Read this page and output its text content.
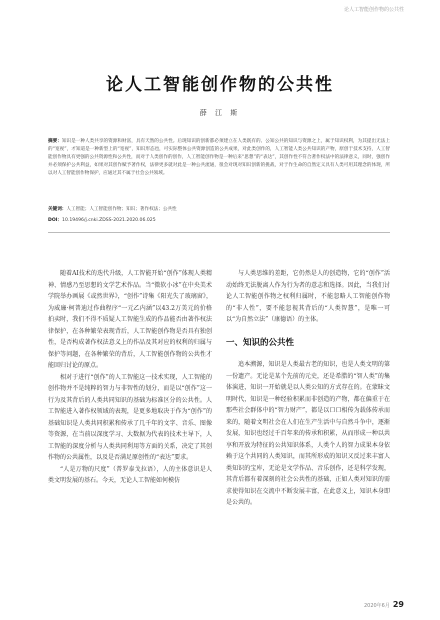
论人工智能创作物的公共性
论人工智能创作物的公共性
薛 江 斯
摘要：知识是一种人类共享的资源和财富，具有天然的公共性。后现知识的创新都必须建立在人类既有的、公知公共的知识与资源之上，属于知识权利，为其提出无法上的“宽视”，才知道是一种新型上的“宽视”，知识形态也，可实际整体公共资源创造的公共成果，对此类创作的，人工智能人类公共知识的产物，原创于技术支持，人工智能创作物具有更强的公共资源性和公共性，而对于人类创作的创作，人工智能创作物是一种后来“思想”的“表达”，其创作性不符合著作权法中的法律意义，同时，强创作并必须保护公共利益，如果对其创作赋予著作权，法律更多就对此是一种公共流通，很会对现对知识创新的挑战，对于作生命的自然定义具有人类可用其理念的体现，所以对人工智能创作物保护，应通过其不属于社会公共领域。
关键词：人工智能；人工智能创作物；知识；著作权法；公共性
DOI：10.19496/j.cnki.ZDSS-2021.2020.06.025

随着AI技术的迭代升级，人工智能开始“创作”体现人类精神、情感乃至思想的文学艺术作品。当“微软小冰”在中央美术学院举办画展《或然世界》，“创作”诗集《阳光失了玻璃窗》，为威廉·柯普迪过作曲程序“一元乙内涵”以43.2万美元的价格拍卖时，我们不得不质疑人工智能生成的作品能否由著作权法律保护，在各种繁荣表现背后，人工智能创作物是否具有独创性，是否构成著作权法意义上的作品及其对应的权利的归属与保护等问题，在各种繁荣的背后，人工智能创作物的公共性才能回归讨论的原点。

相对于进行“创作”的人工智能这一技术实现，人工智能的创作物并不是纯粹的智力与非智性的划分，而是以“创作”这一行为及其背后的人类共同知识的基础为标准区分的公共性。人工智能进入著作权领域的表现，是更多地取决于作为“创作”的基础知识是人类共同积累和传承了几千年的文字、音乐、图像等资源，在当前以深度学习、大数据为代表的技术主导下，人工智能的深度分析与人类共同利用等方面的关系，决定了其创作物的公共属性，以及是否满足原创性的“表达”要求。

“人是万物的尺度”（普罗泰戈拉语），人的主体意识是人类文明发展的基石。今天，无论人工智能如何模仿

与人类思维的差距，它仍然是人的创造物，它的“创作”活动始终无法脱离人作为行为者的意志和选择。因此，当我们讨论人工智能创作物之权利归属时，不能忽略人工智能创作物的“非人性”，要不能忽视其背后的“人类智慧”，是唯一可以“为自然立法”（康德语）的主体。

一、知识的公共性

追本溯源，知识是人类最古老的知识，也是人类文明的第一份遗产。无论是某个先前的元史，还是希腊的“智人类”的集体演进，知识一开始就是以人类公知的方式存在的。在蒙昧文明时代，知识是一种经验积累而非创造的产物，都在偏重于在那些社会群体中的“智力财产”，都是以口口相传为载体传承而来的，随着文明社会在人们在生产生活中与自然斗争中，逐渐发展，知识也经过千百年来的传承和积累，从而形成一种以共享和开放为特征的公共知识体系，人类个人的智力成果本身依赖于这个共同的人类知识，而其所形成的知识又反过来丰富人类知识的宝库，无论是文学作品、音乐创作，还是科学发现，其背后都有着深刻的社会公共性的基础，正如人类对知识的需求使得知识在交流中不断发展丰富，在此意义上，知识本身即是公共的。

2020年6月 29
